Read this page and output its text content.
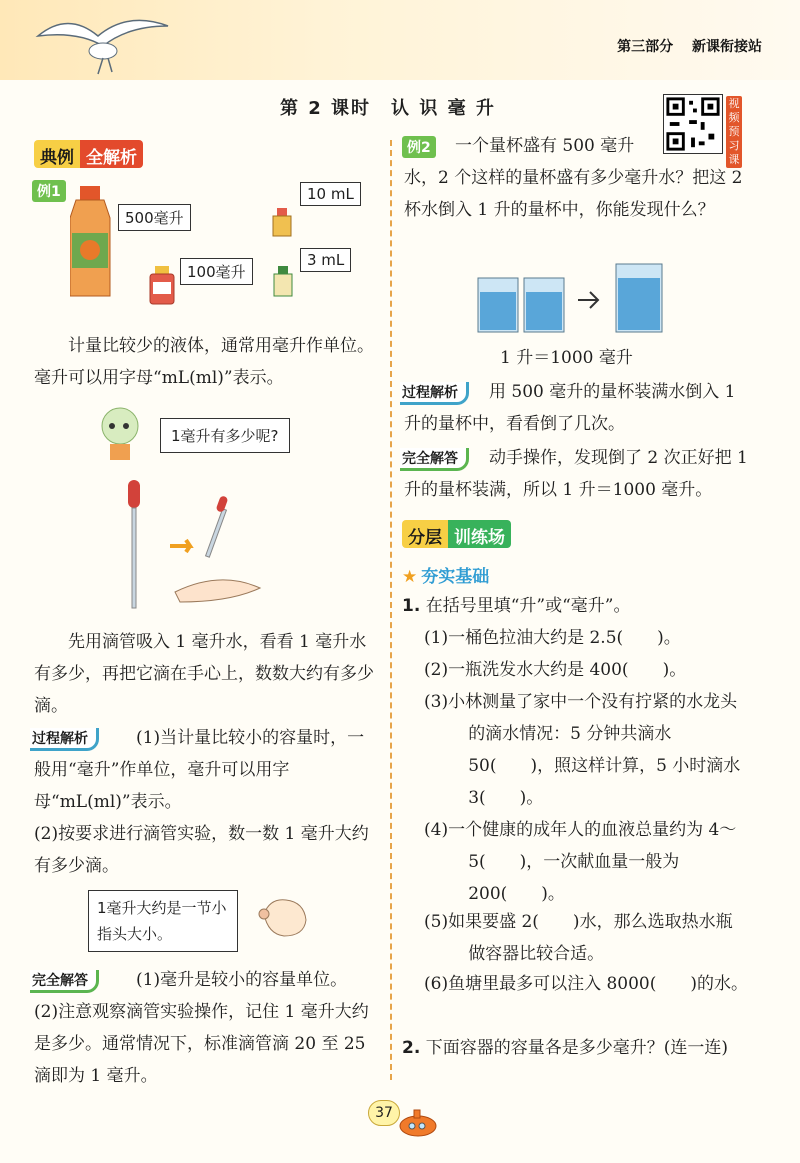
第三部分 新课衔接站
第 2 课时　认 识 毫 升	视频预习课
典例 全解析
例1
500毫升
100毫升
10 mL
3 mL
计量比较少的液体，通常用毫升作单位。毫升可以用字母“mL(ml)”表示。
1毫升有多少呢?
先用滴管吸入 1 毫升水，看看 1 毫升水有多少，再把它滴在手心上，数数大约有多少滴。
过程解析	(1)当计量比较小的容量时，一般用“毫升”作单位，毫升可以用字母“mL(ml)”表示。
(2)按要求进行滴管实验，数一数 1 毫升大约有多少滴。
1毫升大约是一节小指头大小。
完全解答	(1)毫升是较小的容量单位。
(2)注意观察滴管实验操作，记住 1 毫升大约是多少。通常情况下，标准滴管滴 20 至 25 滴即为 1 毫升。
例2	一个量杯盛有 500 毫升
水，2 个这样的量杯盛有多少毫升水？把这 2 杯水倒入 1 升的量杯中，你能发现什么？
1 升＝1000 毫升
过程解析	用 500 毫升的量杯装满水倒入 1 升的量杯中，看看倒了几次。
完全解答	动手操作，发现倒了 2 次正好把 1 升的量杯装满，所以 1 升＝1000 毫升。
分层 训练场
★ 夯实基础
1. 在括号里填“升”或“毫升”。
(1)一桶色拉油大约是 2.5(　　)。
(2)一瓶洗发水大约是 400(　　)。
(3)小林测量了家中一个没有拧紧的水龙头的滴水情况：5 分钟共滴水 50(　　)，照这样计算，5 小时滴水 3(　　)。
(4)一个健康的成年人的血液总量约为 4～5(　　)，一次献血量一般为 200(　　)。
(5)如果要盛 2(　　)水，那么选取热水瓶做容器比较合适。
(6)鱼塘里最多可以注入 8000(　　)的水。
2. 下面容器的容量各是多少毫升？(连一连)
37
